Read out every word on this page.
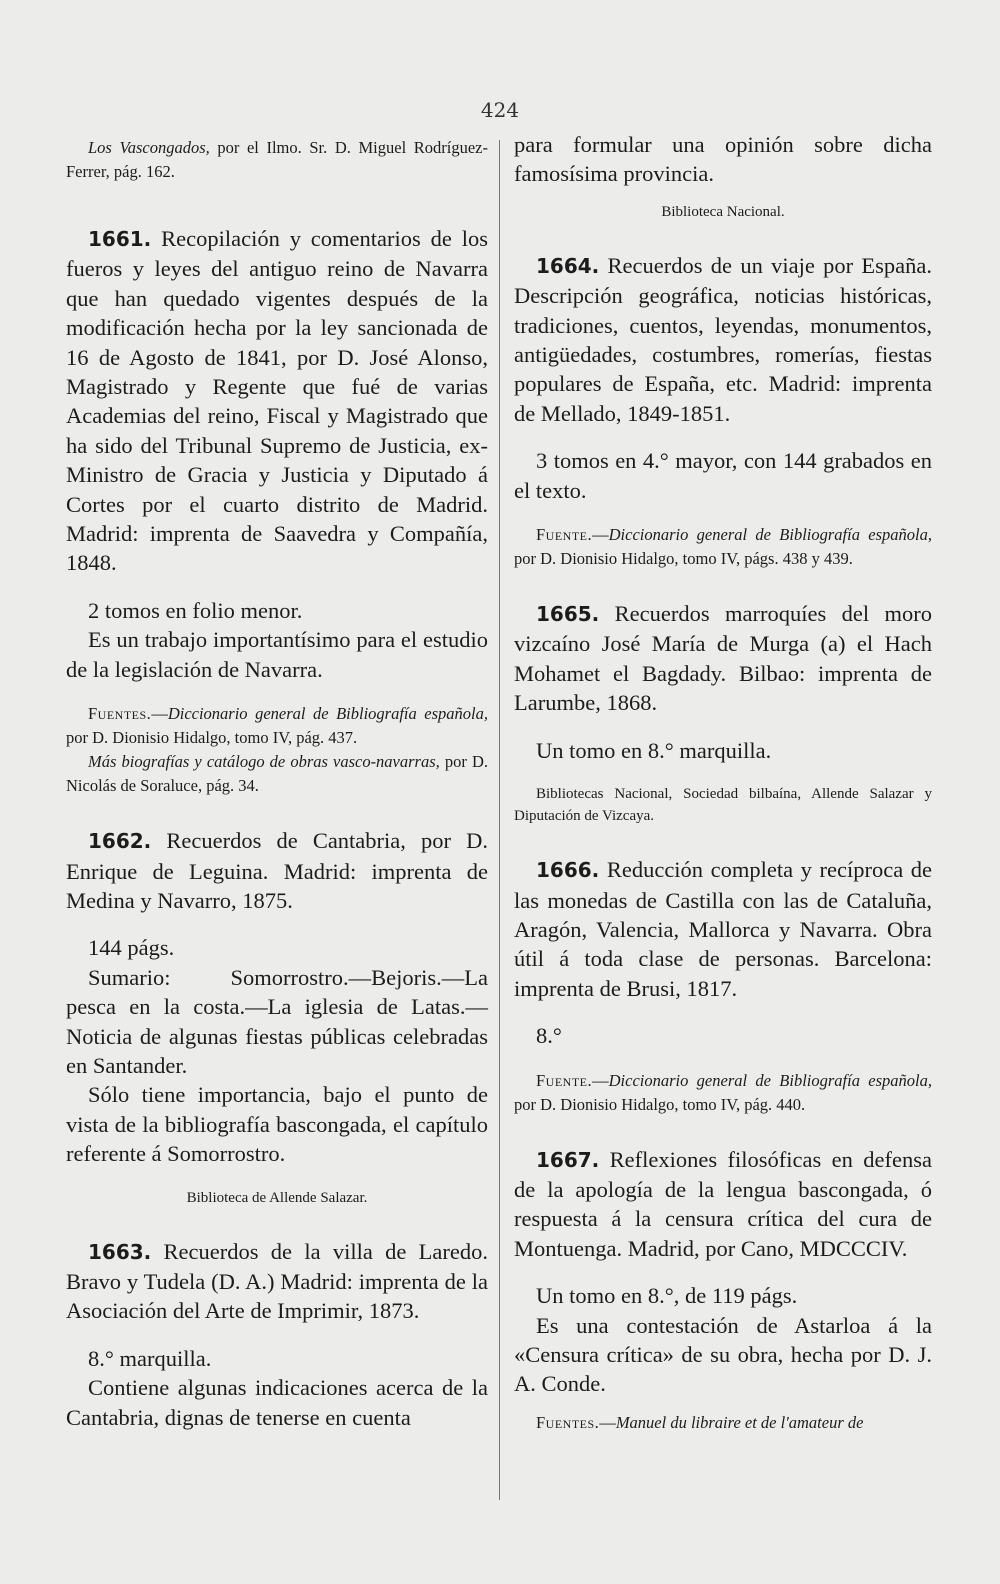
424

Los Vascongados, por el Ilmo. Sr. D. Miguel Rodríguez-Ferrer, pág. 162.

1661. Recopilación y comentarios de los fueros y leyes del antiguo reino de Navarra que han quedado vigentes después de la modificación hecha por la ley sancionada de 16 de Agosto de 1841, por D. José Alonso, Magistrado y Regente que fué de varias Academias del reino, Fiscal y Magistrado que ha sido del Tribunal Supremo de Justicia, ex-Ministro de Gracia y Justicia y Diputado á Cortes por el cuarto distrito de Madrid. Madrid: imprenta de Saavedra y Compañía, 1848.

2 tomos en folio menor.

Es un trabajo importantísimo para el estudio de la legislación de Navarra.

Fuentes.—Diccionario general de Bibliografía española, por D. Dionisio Hidalgo, tomo IV, pág. 437.

Más biografías y catálogo de obras vasco-navarras, por D. Nicolás de Soraluce, pág. 34.

1662. Recuerdos de Cantabria, por D. Enrique de Leguina. Madrid: imprenta de Medina y Navarro, 1875.

144 págs.

Sumario: Somorrostro.—Bejoris.—La pesca en la costa.—La iglesia de Latas.—Noticia de algunas fiestas públicas celebradas en Santander.

Sólo tiene importancia, bajo el punto de vista de la bibliografía bascongada, el capítulo referente á Somorrostro.

Biblioteca de Allende Salazar.

1663. Recuerdos de la villa de Laredo. Bravo y Tudela (D. A.) Madrid: imprenta de la Asociación del Arte de Imprimir, 1873.

8.° marquilla.

Contiene algunas indicaciones acerca de la Cantabria, dignas de tenerse en cuenta

para formular una opinión sobre dicha famosísima provincia.

Biblioteca Nacional.

1664. Recuerdos de un viaje por España. Descripción geográfica, noticias históricas, tradiciones, cuentos, leyendas, monumentos, antigüedades, costumbres, romerías, fiestas populares de España, etc. Madrid: imprenta de Mellado, 1849-1851.

3 tomos en 4.° mayor, con 144 grabados en el texto.

Fuente.—Diccionario general de Bibliografía española, por D. Dionisio Hidalgo, tomo IV, págs. 438 y 439.

1665. Recuerdos marroquíes del moro vizcaíno José María de Murga (a) el Hach Mohamet el Bagdady. Bilbao: imprenta de Larumbe, 1868.

Un tomo en 8.° marquilla.

Bibliotecas Nacional, Sociedad bilbaína, Allende Salazar y Diputación de Vizcaya.

1666. Reducción completa y recíproca de las monedas de Castilla con las de Cataluña, Aragón, Valencia, Mallorca y Navarra. Obra útil á toda clase de personas. Barcelona: imprenta de Brusi, 1817.

8.°

Fuente.—Diccionario general de Bibliografía española, por D. Dionisio Hidalgo, tomo IV, pág. 440.

1667. Reflexiones filosóficas en defensa de la apología de la lengua bascongada, ó respuesta á la censura crítica del cura de Montuenga. Madrid, por Cano, MDCCCIV.

Un tomo en 8.°, de 119 págs.

Es una contestación de Astarloa á la «Censura crítica» de su obra, hecha por D. J. A. Conde.

Fuentes.—Manuel du libraire et de l'amateur de
